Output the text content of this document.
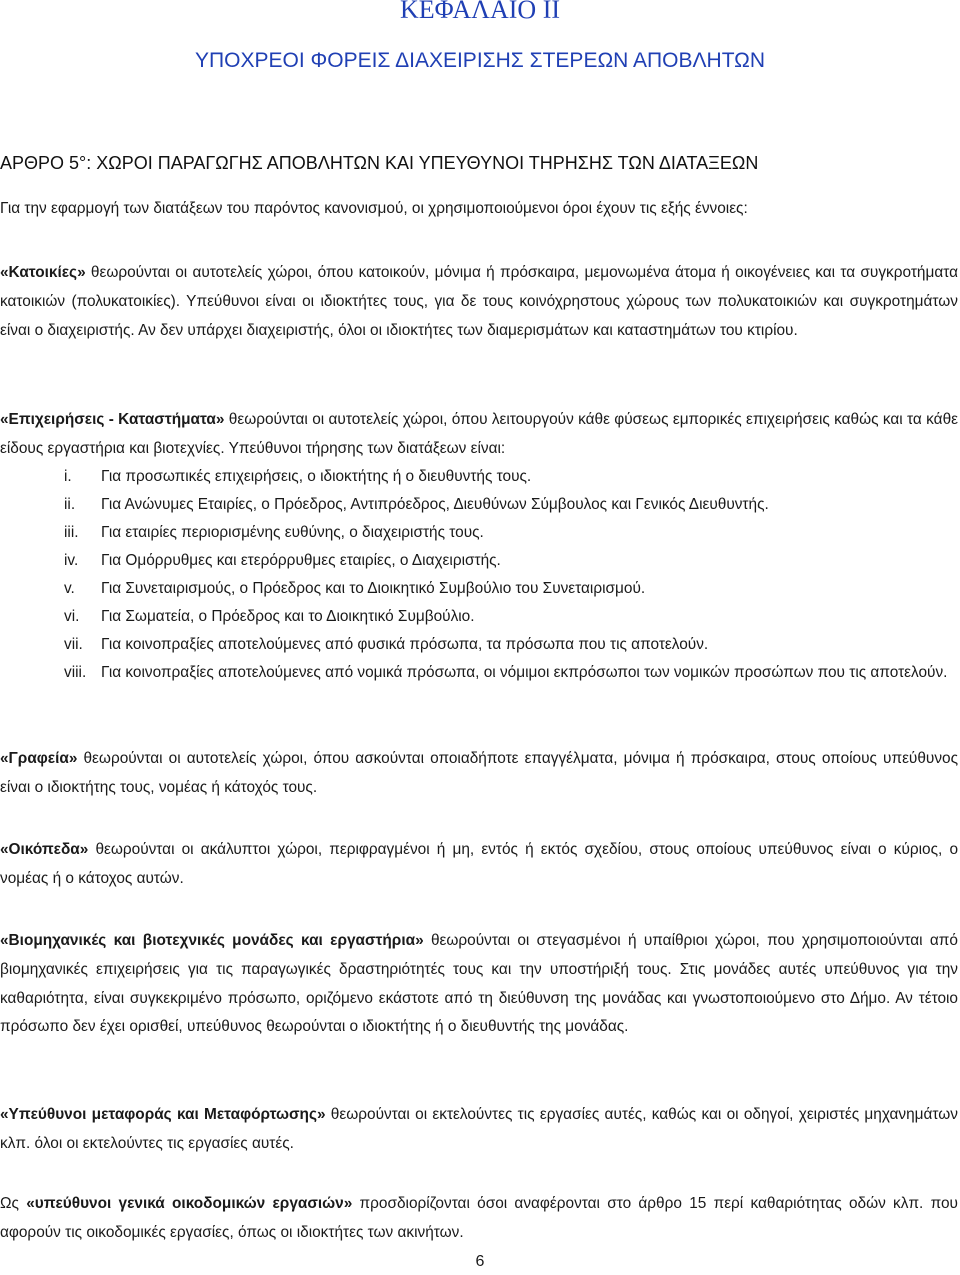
ΚΕΦΑΛΑΙΟ ΙΙ
ΥΠΟΧΡΕΟΙ ΦΟΡΕΙΣ ΔΙΑΧΕΙΡΙΣΗΣ ΣΤΕΡΕΩΝ ΑΠΟΒΛΗΤΩΝ
ΑΡΘΡΟ 5°: ΧΩΡΟΙ ΠΑΡΑΓΩΓΗΣ ΑΠΟΒΛΗΤΩΝ ΚΑΙ ΥΠΕΥΘΥΝΟΙ ΤΗΡΗΣΗΣ ΤΩΝ ΔΙΑΤΑΞΕΩΝ

Για την εφαρμογή των διατάξεων του παρόντος κανονισμού, οι χρησιμοποιούμενοι όροι έχουν τις εξής έννοιες:

«Κατοικίες» θεωρούνται οι αυτοτελείς χώροι, όπου κατοικούν, μόνιμα ή πρόσκαιρα, μεμονωμένα άτομα ή οικογένειες και τα συγκροτήματα κατοικιών (πολυκατοικίες). Υπεύθυνοι είναι οι ιδιοκτήτες τους, για δε τους κοινόχρηστους χώρους των πολυκατοικιών και συγκροτημάτων είναι ο διαχειριστής. Αν δεν υπάρχει διαχειριστής, όλοι οι ιδιοκτήτες των διαμερισμάτων και καταστημάτων του κτιρίου.

«Επιχειρήσεις - Καταστήματα» θεωρούνται οι αυτοτελείς χώροι, όπου λειτουργούν κάθε φύσεως εμπορικές επιχειρήσεις καθώς και τα κάθε είδους εργαστήρια και βιοτεχνίες. Υπεύθυνοι τήρησης των διατάξεων είναι:

i. Για προσωπικές επιχειρήσεις, ο ιδιοκτήτης ή ο διευθυντής τους.
ii. Για Ανώνυμες Εταιρίες, ο Πρόεδρος, Αντιπρόεδρος, Διευθύνων Σύμβουλος και Γενικός Διευθυντής.
iii. Για εταιρίες περιορισμένης ευθύνης, ο διαχειριστής τους.
iv. Για Ομόρρυθμες και ετερόρρυθμες εταιρίες, ο Διαχειριστής.
v. Για Συνεταιρισμούς, ο Πρόεδρος και το Διοικητικό Συμβούλιο του Συνεταιρισμού.
vi. Για Σωματεία, ο Πρόεδρος και το Διοικητικό Συμβούλιο.
vii. Για κοινοπραξίες αποτελούμενες από φυσικά πρόσωπα, τα πρόσωπα που τις αποτελούν.
viii. Για κοινοπραξίες αποτελούμενες από νομικά πρόσωπα, οι νόμιμοι εκπρόσωποι των νομικών προσώπων που τις αποτελούν.

«Γραφεία» θεωρούνται οι αυτοτελείς χώροι, όπου ασκούνται οποιαδήποτε επαγγέλματα, μόνιμα ή πρόσκαιρα, στους οποίους υπεύθυνος είναι ο ιδιοκτήτης τους, νομέας ή κάτοχός τους.

«Οικόπεδα» θεωρούνται οι ακάλυπτοι χώροι, περιφραγμένοι ή μη, εντός ή εκτός σχεδίου, στους οποίους υπεύθυνος είναι ο κύριος, ο νομέας ή ο κάτοχος αυτών.

«Βιομηχανικές και βιοτεχνικές μονάδες και εργαστήρια» θεωρούνται οι στεγασμένοι ή υπαίθριοι χώροι, που χρησιμοποιούνται από βιομηχανικές επιχειρήσεις για τις παραγωγικές δραστηριότητές τους και την υποστήριξή τους. Στις μονάδες αυτές υπεύθυνος για την καθαριότητα, είναι συγκεκριμένο πρόσωπο, οριζόμενο εκάστοτε από τη διεύθυνση της μονάδας και γνωστοποιούμενο στο Δήμο. Αν τέτοιο πρόσωπο δεν έχει ορισθεί, υπεύθυνος θεωρούνται ο ιδιοκτήτης ή ο διευθυντής της μονάδας.

«Υπεύθυνοι μεταφοράς και Μεταφόρτωσης» θεωρούνται οι εκτελούντες τις εργασίες αυτές, καθώς και οι οδηγοί, χειριστές μηχανημάτων κλπ. όλοι οι εκτελούντες τις εργασίες αυτές.

Ως «υπεύθυνοι γενικά οικοδομικών εργασιών» προσδιορίζονται όσοι αναφέρονται στο άρθρο 15 περί καθαριότητας οδών κλπ. που αφορούν τις οικοδομικές εργασίες, όπως οι ιδιοκτήτες των ακινήτων.

6
